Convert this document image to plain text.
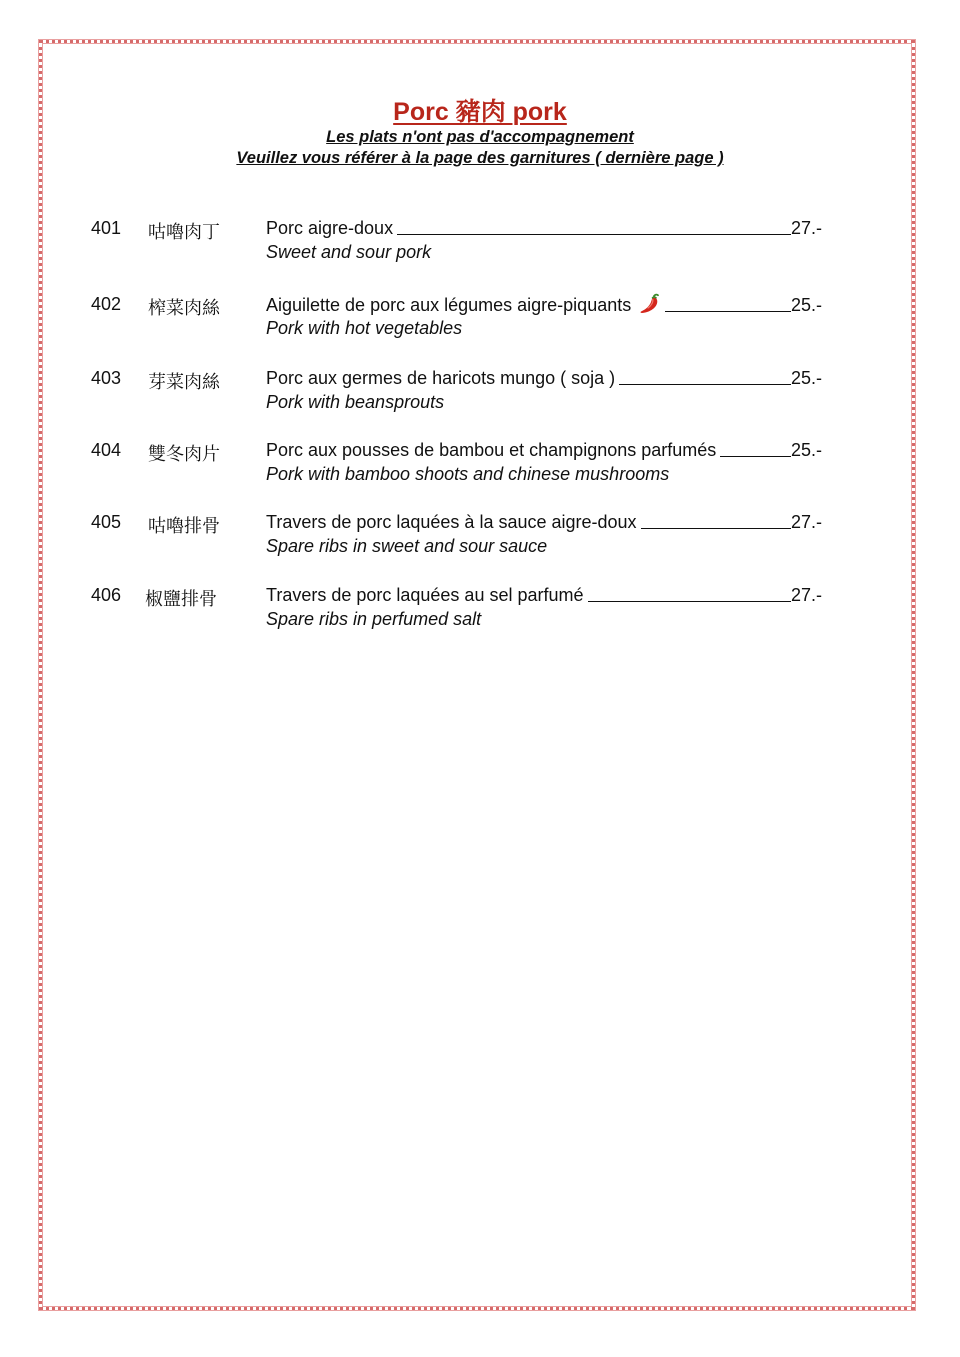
Porc 豬肉 pork
Les plats n'ont pas d'accompagnement
Veuillez vous référer à la page des garnitures ( dernière page )
401 咕嚕肉丁	Porc aigre-doux	27.-
Sweet and sour pork
402 榨菜肉絲	Aiguilette de porc aux légumes aigre-piquants	25.-
Pork with hot vegetables
403 芽菜肉絲	Porc aux germes de haricots mungo ( soja )	25.-
Pork with beansprouts
404 雙冬肉片	Porc aux pousses de bambou et champignons parfumés	25.-
Pork with bamboo shoots and chinese mushrooms
405 咕嚕排骨	Travers de porc laquées à la sauce aigre-doux	27.-
Spare ribs in sweet and sour sauce
406 椒鹽排骨	Travers de porc laquées au sel parfumé	27.-
Spare ribs in perfumed salt
